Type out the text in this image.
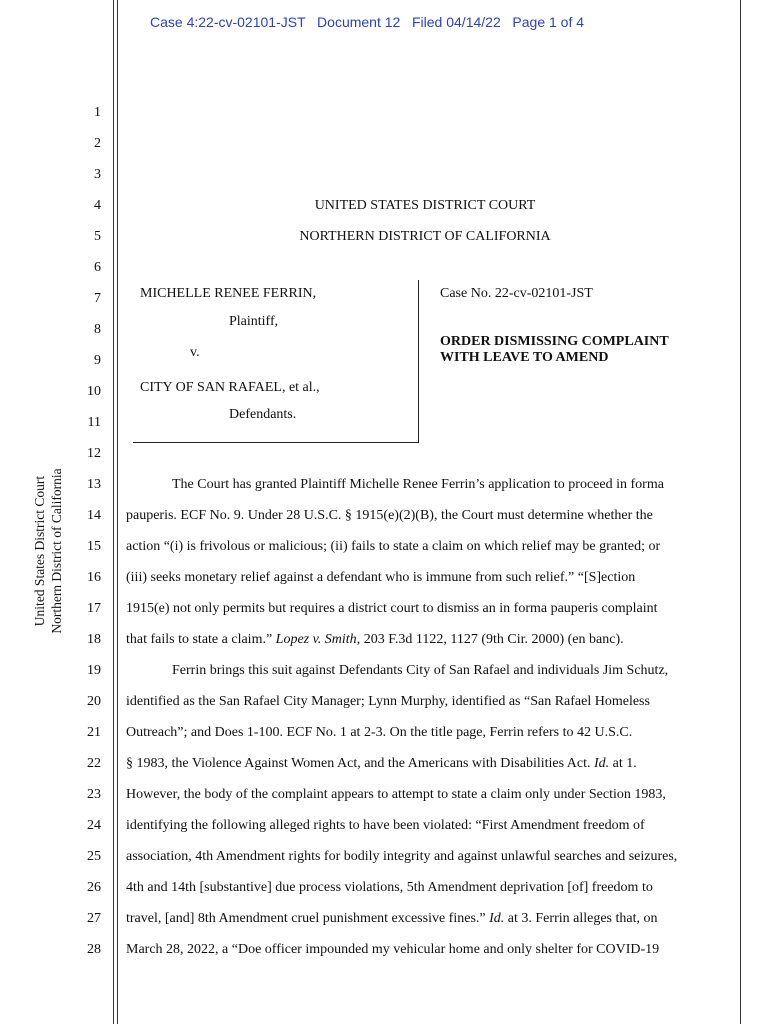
Case 4:22-cv-02101-JST Document 12 Filed 04/14/22 Page 1 of 4
United States District Court Northern District of California
1
2
3
4
5
6
7
8
9
10
11
12
13
14
15
16
17
18
19
20
21
22
23
24
25
26
27
28
UNITED STATES DISTRICT COURT
NORTHERN DISTRICT OF CALIFORNIA
MICHELLE RENEE FERRIN,
Plaintiff,
v.
CITY OF SAN RAFAEL, et al.,
Defendants.
Case No. 22-cv-02101-JST
ORDER DISMISSING COMPLAINT
WITH LEAVE TO AMEND
The Court has granted Plaintiff Michelle Renee Ferrin’s application to proceed in forma
pauperis. ECF No. 9. Under 28 U.S.C. § 1915(e)(2)(B), the Court must determine whether the
action “(i) is frivolous or malicious; (ii) fails to state a claim on which relief may be granted; or
(iii) seeks monetary relief against a defendant who is immune from such relief.” “[S]ection
1915(e) not only permits but requires a district court to dismiss an in forma pauperis complaint
that fails to state a claim.” Lopez v. Smith, 203 F.3d 1122, 1127 (9th Cir. 2000) (en banc).
Ferrin brings this suit against Defendants City of San Rafael and individuals Jim Schutz,
identified as the San Rafael City Manager; Lynn Murphy, identified as “San Rafael Homeless
Outreach”; and Does 1-100. ECF No. 1 at 2-3. On the title page, Ferrin refers to 42 U.S.C.
§ 1983, the Violence Against Women Act, and the Americans with Disabilities Act. Id. at 1.
However, the body of the complaint appears to attempt to state a claim only under Section 1983,
identifying the following alleged rights to have been violated: “First Amendment freedom of
association, 4th Amendment rights for bodily integrity and against unlawful searches and seizures,
4th and 14th [substantive] due process violations, 5th Amendment deprivation [of] freedom to
travel, [and] 8th Amendment cruel punishment excessive fines.” Id. at 3. Ferrin alleges that, on
March 28, 2022, a “Doe officer impounded my vehicular home and only shelter for COVID-19
